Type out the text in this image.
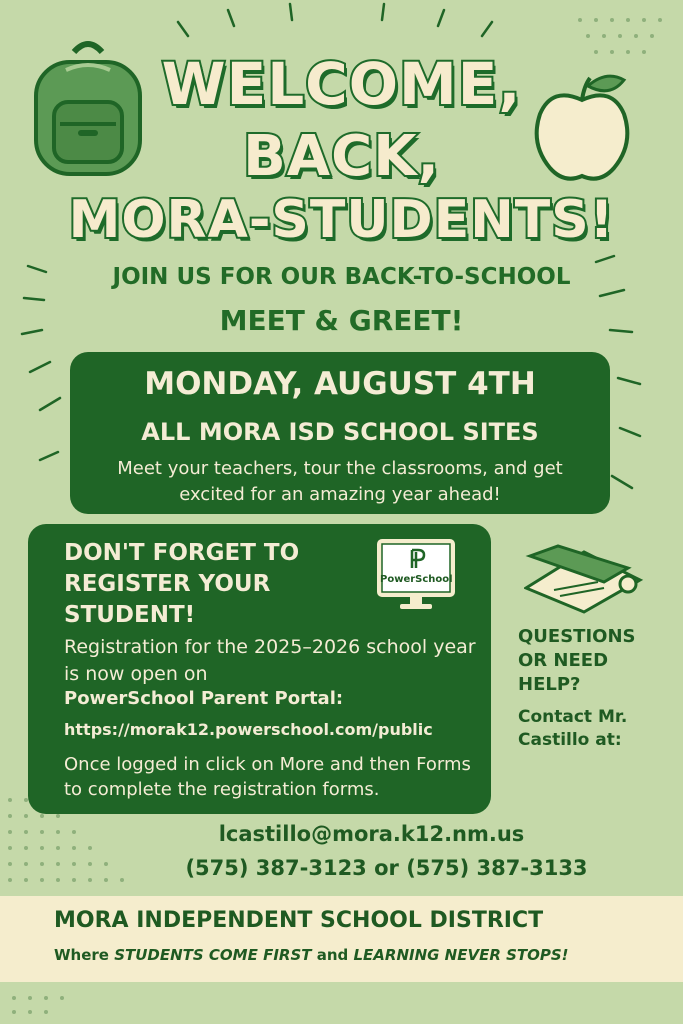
WELCOME,
BACK,
MORA-STUDENTS!
JOIN US FOR OUR BACK-TO-SCHOOL
MEET & GREET!
MONDAY, AUGUST 4TH
ALL MORA ISD SCHOOL SITES
Meet your teachers, tour the classrooms, and get excited for an amazing year ahead!
DON'T FORGET TO REGISTER YOUR STUDENT!
Registration for the 2025–2026 school year is now open on
PowerSchool Parent Portal:
https://morak12.powerschool.com/public
Once logged in click on More and then Forms to complete the registration forms.
PowerSchool
QUESTIONS OR NEED HELP?
Contact Mr. Castillo at:
lcastillo@mora.k12.nm.us
(575) 387-3123 or (575) 387-3133
MORA INDEPENDENT SCHOOL DISTRICT
Where STUDENTS COME FIRST and LEARNING NEVER STOPS!
